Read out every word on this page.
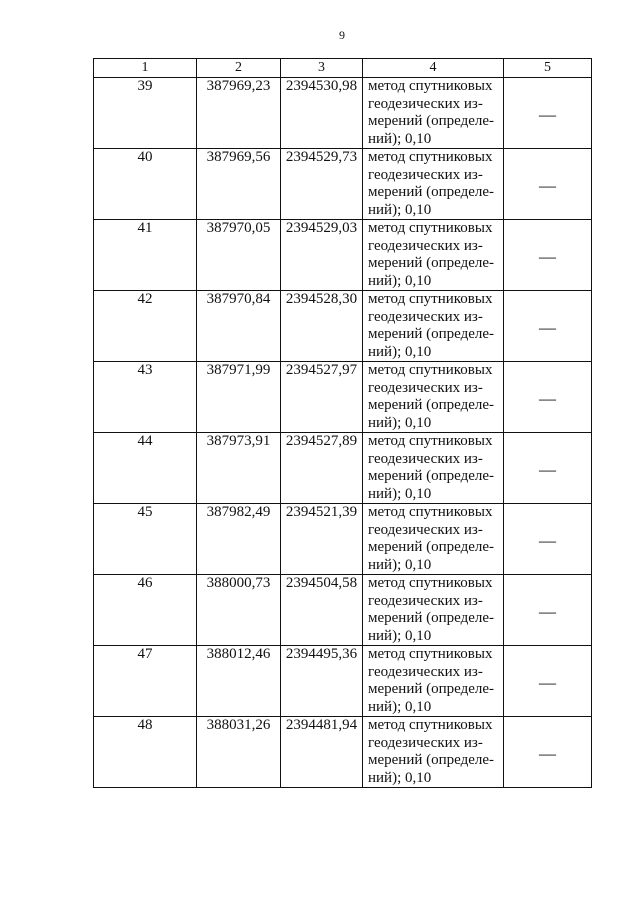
9
1	2	3	4	5
39	387969,23	2394530,98	метод спутниковых
геодезических из-
мерений (определе-
ний); 0,10	—
40	387969,56	2394529,73	метод спутниковых
геодезических из-
мерений (определе-
ний); 0,10	—
41	387970,05	2394529,03	метод спутниковых
геодезических из-
мерений (определе-
ний); 0,10	—
42	387970,84	2394528,30	метод спутниковых
геодезических из-
мерений (определе-
ний); 0,10	—
43	387971,99	2394527,97	метод спутниковых
геодезических из-
мерений (определе-
ний); 0,10	—
44	387973,91	2394527,89	метод спутниковых
геодезических из-
мерений (определе-
ний); 0,10	—
45	387982,49	2394521,39	метод спутниковых
геодезических из-
мерений (определе-
ний); 0,10	—
46	388000,73	2394504,58	метод спутниковых
геодезических из-
мерений (определе-
ний); 0,10	—
47	388012,46	2394495,36	метод спутниковых
геодезических из-
мерений (определе-
ний); 0,10	—
48	388031,26	2394481,94	метод спутниковых
геодезических из-
мерений (определе-
ний); 0,10	—
